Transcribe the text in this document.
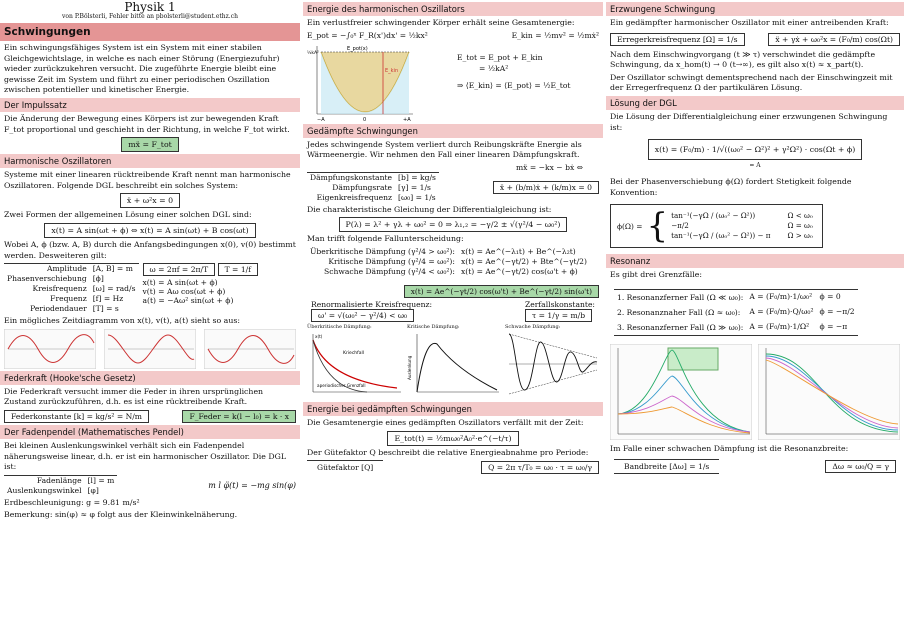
Physik 1
von P.Bölsterli, Fehler bitte an pbolsterli@student.ethz.ch
Schwingungen
Ein schwingungsfähiges System ist ein System mit einer stabilen Gleichgewichtslage, in welche es nach einer Störung (Energiezufuhr) wieder zurückzukehren versucht. Die zugeführte Energie bleibt eine gewisse Zeit im System und führt zu einer periodischen Oszillation zwischen potentieller und kinetischer Energie.
Der Impulssatz
Die Änderung der Bewegung eines Körpers ist zur bewegenden Kraft F_tot proportional und geschieht in der Richtung, in welche F_tot wirkt.
mẍ = F_tot
Harmonische Oszillatoren
Systeme mit einer linearen rücktreibende Kraft nennt man harmonische Oszillatoren. Folgende DGL beschreibt ein solches System:
ẍ + ω²x = 0
Zwei Formen der allgemeinen Lösung einer solchen DGL sind:
x(t) = A sin(ωt + ϕ) ⇔ x(t) = A sin(ωt) + B cos(ωt)
Wobei A, ϕ (bzw. A, B) durch die Anfangsbedingungen x(0), v(0) bestimmt werden. Desweiteren gilt:
Amplitude	[A, B] = m
Phasenverschiebung	[ϕ]
Kreisfrequenz	[ω] = rad/s
Frequenz	[f] = Hz
Periodendauer	[T] = s
ω = 2πf = 2π/T T = 1/f
x(t) = A sin(ωt + ϕ)
v(t) = Aω cos(ωt + ϕ)
a(t) = −Aω² sin(ωt + ϕ)
Ein mögliches Zeitdiagramm von x(t), v(t), a(t) sieht so aus:
Federkraft (Hooke'sche Gesetz)
Die Federkraft versucht immer die Feder in ihren ursprünglichen Zustand zurückzuführen, d.h. es ist eine rücktreibende Kraft.
Federkonstante [k] = kg/s² = N/m	F_Feder = k(l − l₀) = k · x
Der Fadenpendel (Mathematisches Pendel)
Bei kleinen Auslenkungswinkel verhält sich ein Fadenpendel näherungsweise linear, d.h. er ist ein harmonischer Oszillator. Die DGL ist:
Fadenlänge	[l] = m
Auslenkungswinkel	[φ]
m l φ̈(t) = −mg sin(φ)
Erdbeschleunigung: g = 9.81 m/s²
Bemerkung: sin(φ) ≈ φ folgt aus der Kleinwinkelnäherung.
Energie des harmonischen Oszillators
Ein verlustfreier schwingender Körper erhält seine Gesamtenergie:
E_pot = −∫₀ˣ F_R(x')dx' = ½kx²	E_kin = ½mv² = ½mẋ²
E_pot(x)
E_kin
½kA²
−A	0	+A
E_tot = E_pot + E_kin
= ½kA²
⇒ ⟨E_kin⟩ = ⟨E_pot⟩ = ½E_tot
Gedämpfte Schwingungen
Jedes schwingende System verliert durch Reibungskräfte Energie als Wärmeenergie. Wir nehmen den Fall einer linearen Dämpfungskraft.
mẍ = −kx − bẋ ⇔
Dämpfungskonstante	[b] = kg/s
Dämpfungsrate	[γ] = 1/s
Eigenkreisfrequenz	[ω₀] = 1/s
ẍ + (b/m)ẋ + (k/m)x = 0
Die charakteristische Gleichung der Differentialgleichung ist:
P(λ) = λ² + γλ + ω₀² = 0 ⇒ λ₁,₂ = −γ/2 ± √(γ²/4 − ω₀²)
Man trifft folgende Fallunterscheidung:
Überkritische Dämpfung (γ²/4 > ω₀²):	x(t) = Ae^(−λ₁t) + Be^(−λ₂t)
Kritische Dämpfung (γ²/4 = ω₀²):	x(t) = Ae^(−γt/2) + Bte^(−γt/2)
Schwache Dämpfung (γ²/4 < ω₀²):	x(t) = Ae^(−γt/2) cos(ω't + ϕ)
x(t) = Ae^(−γt/2) cos(ω't) + Be^(−γt/2) sin(ω't)
Renormalisierte Kreisfrequenz:
ω' = √(ω₀² − γ²/4) < ω₀
Zerfallskonstante:
τ = 1/γ = m/b
Überkritische Dämpfung:
Kriechfall
aperiodischer Grenzfall
x(t)
Kritische Dämpfung:
Auslenkung
Schwache Dämpfung:
Energie bei gedämpften Schwingungen
Die Gesamtenergie eines gedämpften Oszillators verfällt mit der Zeit:
E_tot(t) = ½mω₀²A₀²·e^(−t/τ)
Der Gütefaktor Q beschreibt die relative Energieabnahme pro Periode:
Gütefaktor [Q]	Q = 2π τ/T₀ = ω₀ · τ = ω₀/γ
Erzwungene Schwingung
Ein gedämpfter harmonischer Oszillator mit einer antreibenden Kraft:
Erregerkreisfrequenz [Ω] = 1/s	ẍ + γẋ + ω₀²x = (F₀/m) cos(Ωt)
Nach dem Einschwingvorgang (t ≫ τ) verschwindet die gedämpfte Schwingung, da x_hom(t) → 0 (t→∞), es gilt also x(t) ≈ x_part(t).
Der Oszillator schwingt dementsprechend nach der Einschwingzeit mit der Erregerfrequenz Ω der partikulären Lösung.
Lösung der DGL
Die Lösung der Differentialgleichung einer erzwungenen Schwingung ist:
x(t) = (F₀/m) · 1/√((ω₀² − Ω²)² + γ²Ω²) · cos(Ωt + ϕ)
= A
Bei der Phasenverschiebung ϕ(Ω) fordert Stetigkeit folgende Konvention:
ϕ(Ω) = { tan⁻¹(−γΩ / (ω₀² − Ω²))	Ω < ω₀
−π/2	Ω = ω₀
tan⁻¹(−γΩ / (ω₀² − Ω²)) − π	Ω > ω₀
Resonanz
Es gibt drei Grenzfälle:
1. Resonanzferner Fall (Ω ≪ ω₀):	A = (F₀/m)·1/ω₀²	ϕ = 0
2. Resonanznaher Fall (Ω ≈ ω₀):	A = (F₀/m)·Q/ω₀²	ϕ = −π/2
3. Resonanzferner Fall (Ω ≫ ω₀):	A = (F₀/m)·1/Ω²	ϕ = −π
Im Falle einer schwachen Dämpfung ist die Resonanzbreite:
Bandbreite [Δω] = 1/s	Δω ≈ ω₀/Q = γ
